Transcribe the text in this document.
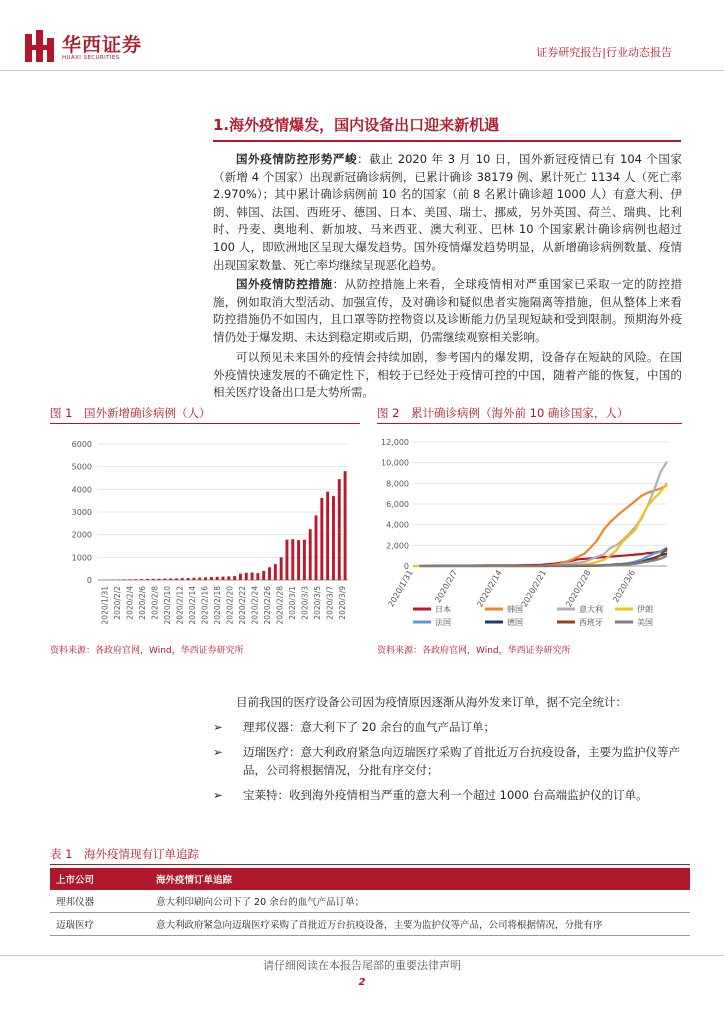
华西证券
HUAXI SECURITIES	证券研究报告|行业动态报告
1.海外疫情爆发，国内设备出口迎来新机遇
国外疫情防控形势严峻：截止 2020 年 3 月 10 日，国外新冠疫情已有 104 个国家（新增 4 个国家）出现新冠确诊病例，已累计确诊 38179 例、累计死亡 1134 人（死亡率 2.970%）；其中累计确诊病例前 10 名的国家（前 8 名累计确诊超 1000 人）有意大利、伊朗、韩国、法国、西班牙、德国、日本、美国、瑞士、挪威，另外英国、荷兰、瑞典、比利时、丹麦、奥地利、新加坡、马来西亚、澳大利亚、巴林 10 个国家累计确诊病例也超过 100 人，即欧洲地区呈现大爆发趋势。国外疫情爆发趋势明显，从新增确诊病例数量、疫情出现国家数量、死亡率均继续呈现恶化趋势。
国外疫情防控措施：从防控措施上来看，全球疫情相对严重国家已采取一定的防控措施，例如取消大型活动、加强宣传，及对确诊和疑似患者实施隔离等措施，但从整体上来看防控措施仍不如国内，且口罩等防控物资以及诊断能力仍呈现短缺和受到限制。预期海外疫情仍处于爆发期、未达到稳定期或后期，仍需继续观察相关影响。
可以预见未来国外的疫情会持续加剧，参考国内的爆发期，设备存在短缺的风险。在国外疫情快速发展的不确定性下，相较于已经处于疫情可控的中国，随着产能的恢复，中国的相关医疗设备出口是大势所需。
图 1　国外新增确诊病例（人）
0
1000
2000
3000
4000
5000
6000
2020/1/31 2020/2/2 2020/2/4 2020/2/6 2020/2/8 2020/2/10 2020/2/12 2020/2/14 2020/2/16 2020/2/18 2020/2/20 2020/2/22 2020/2/24 2020/2/26 2020/2/28 2020/3/1 2020/3/3 2020/3/5 2020/3/7 2020/3/9
资料来源：各政府官网，Wind，华西证券研究所
图 2　累计确诊病例（海外前 10 确诊国家，人）
0
2,000
4,000
6,000
8,000
10,000
12,000
2020/1/31 2020/2/7 2020/2/14 2020/2/21 2020/2/28 2020/3/6
日本	韩国	意大利	伊朗
法国	德国	西班牙	美国
资料来源：各政府官网，Wind，华西证券研究所
目前我国的医疗设备公司因为疫情原因逐渐从海外发来订单，据不完全统计：
➢ 理邦仪器：意大利下了 20 余台的血气产品订单；
➢ 迈瑞医疗：意大利政府紧急向迈瑞医疗采购了首批近万台抗疫设备，主要为监护仪等产品，公司将根据情况，分批有序交付；
➢ 宝莱特：收到海外疫情相当严重的意大利一个超过 1000 台高端监护仪的订单。
表 1　海外疫情现有订单追踪
上市公司	海外疫情订单追踪
理邦仪器	意大利印刷向公司下了 20 余台的血气产品订单；
迈瑞医疗	意大利政府紧急向迈瑞医疗采购了首批近万台抗疫设备，主要为监护仪等产品，公司将根据情况，分批有序
请仔细阅读在本报告尾部的重要法律声明
2
